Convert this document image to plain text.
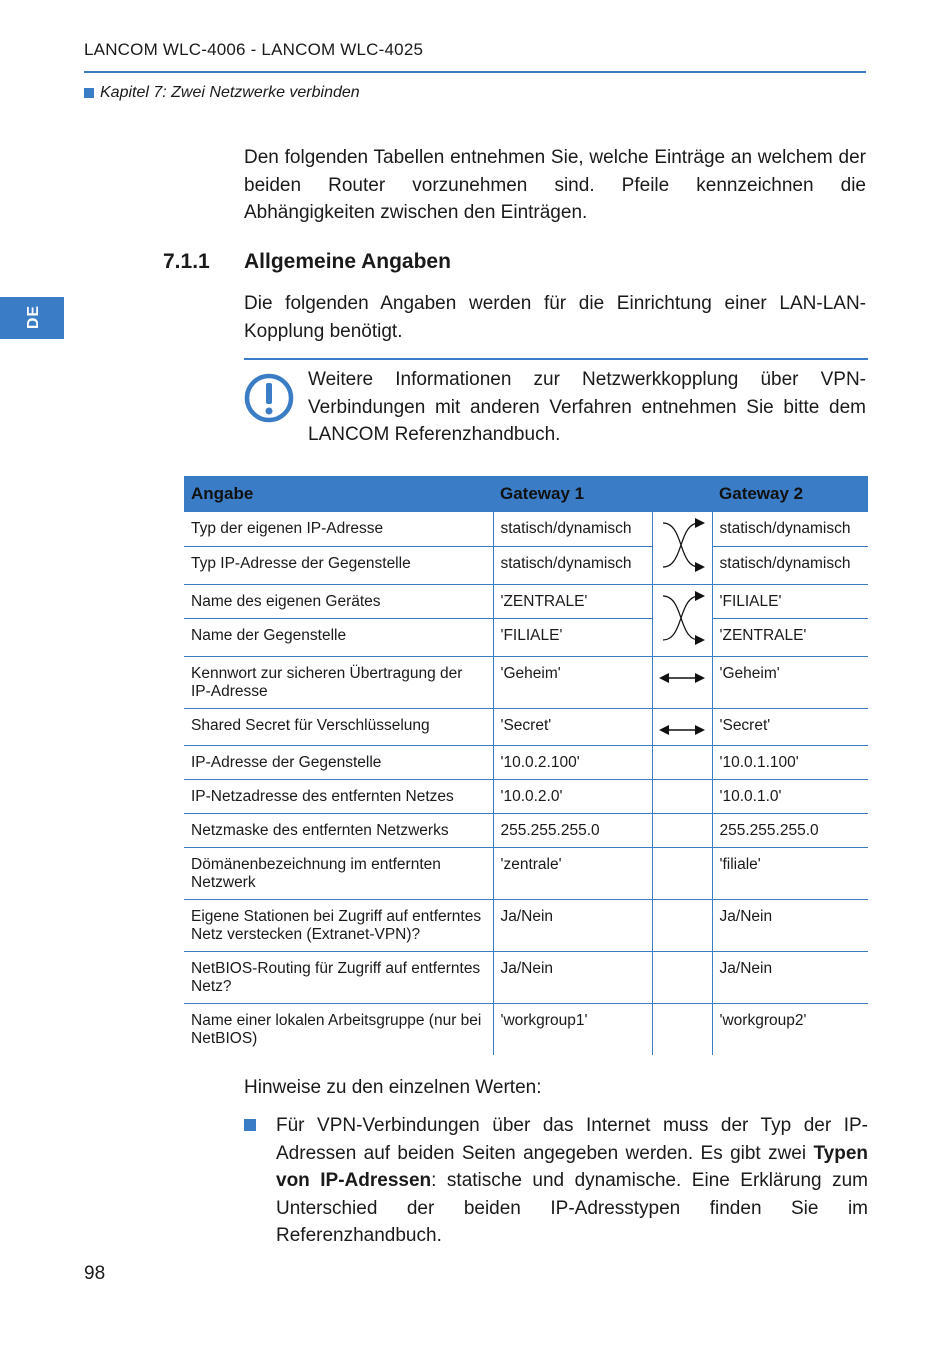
LANCOM WLC-4006 - LANCOM WLC-4025
Kapitel 7: Zwei Netzwerke verbinden
DE
Den folgenden Tabellen entnehmen Sie, welche Einträge an welchem der beiden Router vorzunehmen sind. Pfeile kennzeichnen die Abhängigkeiten zwischen den Einträgen.
7.1.1 Allgemeine Angaben
Die folgenden Angaben werden für die Einrichtung einer LAN-LAN-Kopplung benötigt.
Weitere Informationen zur Netzwerkkopplung über VPN-Verbindungen mit anderen Verfahren entnehmen Sie bitte dem LANCOM Referenzhandbuch.
Angabe	Gateway 1		Gateway 2
Typ der eigenen IP-Adresse	statisch/dynamisch		statisch/dynamisch
Typ IP-Adresse der Gegenstelle	statisch/dynamisch		statisch/dynamisch
Name des eigenen Gerätes	'ZENTRALE'		'FILIALE'
Name der Gegenstelle	'FILIALE'		'ZENTRALE'
Kennwort zur sicheren Übertragung der IP-Adresse	'Geheim'		'Geheim'
Shared Secret für Verschlüsselung	'Secret'		'Secret'
IP-Adresse der Gegenstelle	'10.0.2.100'		'10.0.1.100'
IP-Netzadresse des entfernten Netzes	'10.0.2.0'		'10.0.1.0'
Netzmaske des entfernten Netzwerks	255.255.255.0		255.255.255.0
Dömänenbezeichnung im entfernten Netzwerk	'zentrale'		'filiale'
Eigene Stationen bei Zugriff auf entferntes Netz verstecken (Extranet-VPN)?	Ja/Nein		Ja/Nein
NetBIOS-Routing für Zugriff auf entferntes Netz?	Ja/Nein		Ja/Nein
Name einer lokalen Arbeitsgruppe (nur bei NetBIOS)	'workgroup1'		'workgroup2'
Hinweise zu den einzelnen Werten:
Für VPN-Verbindungen über das Internet muss der Typ der IP-Adressen auf beiden Seiten angegeben werden. Es gibt zwei Typen von IP-Adressen: statische und dynamische. Eine Erklärung zum Unterschied der beiden IP-Adresstypen finden Sie im Referenzhandbuch.
98
